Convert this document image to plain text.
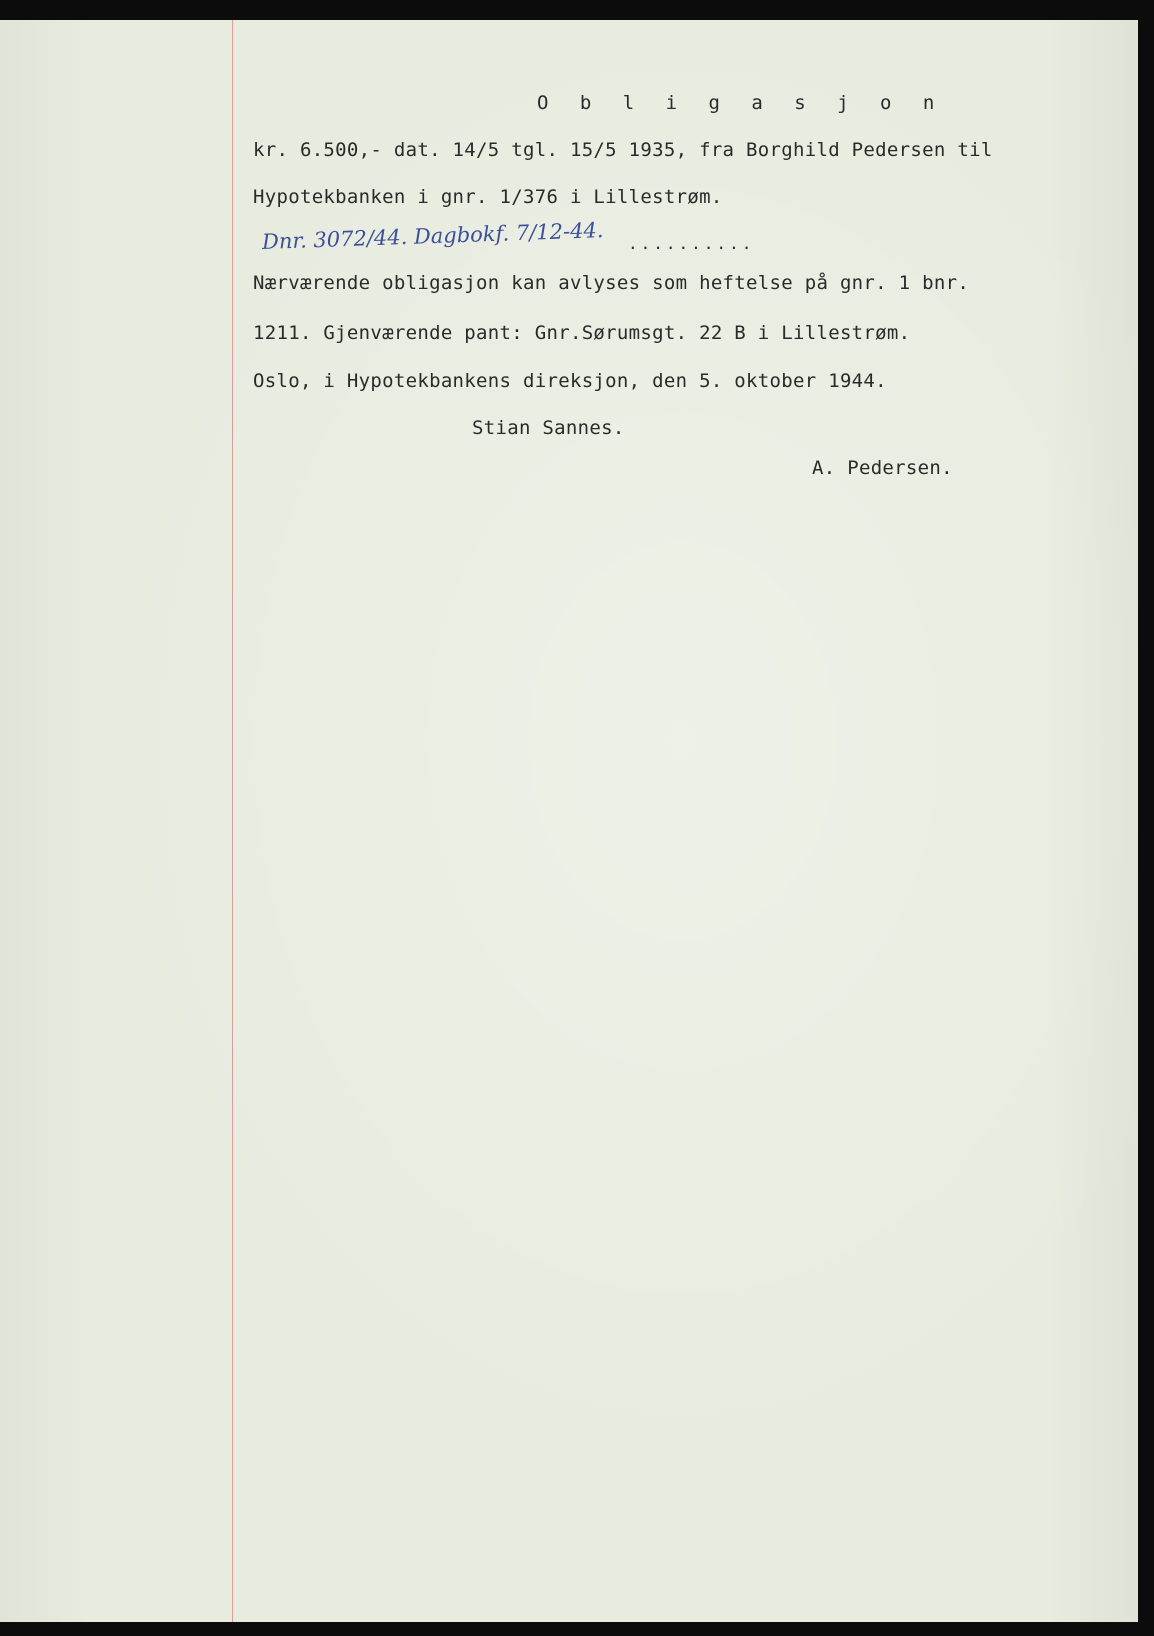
O b l i g a s j o n
kr. 6.500,- dat. 14/5 tgl. 15/5 1935, fra Borghild Pedersen til
Hypotekbanken i gnr. 1/376 i Lillestrøm.
..........
Dnr. 3072/44. Dagbokf. 7/12-44.
Nærværende obligasjon kan avlyses som heftelse på gnr. 1 bnr.
1211. Gjenværende pant: Gnr.Sørumsgt. 22 B i Lillestrøm.
Oslo, i Hypotekbankens direksjon, den 5. oktober 1944.
Stian Sannes.
A. Pedersen.
